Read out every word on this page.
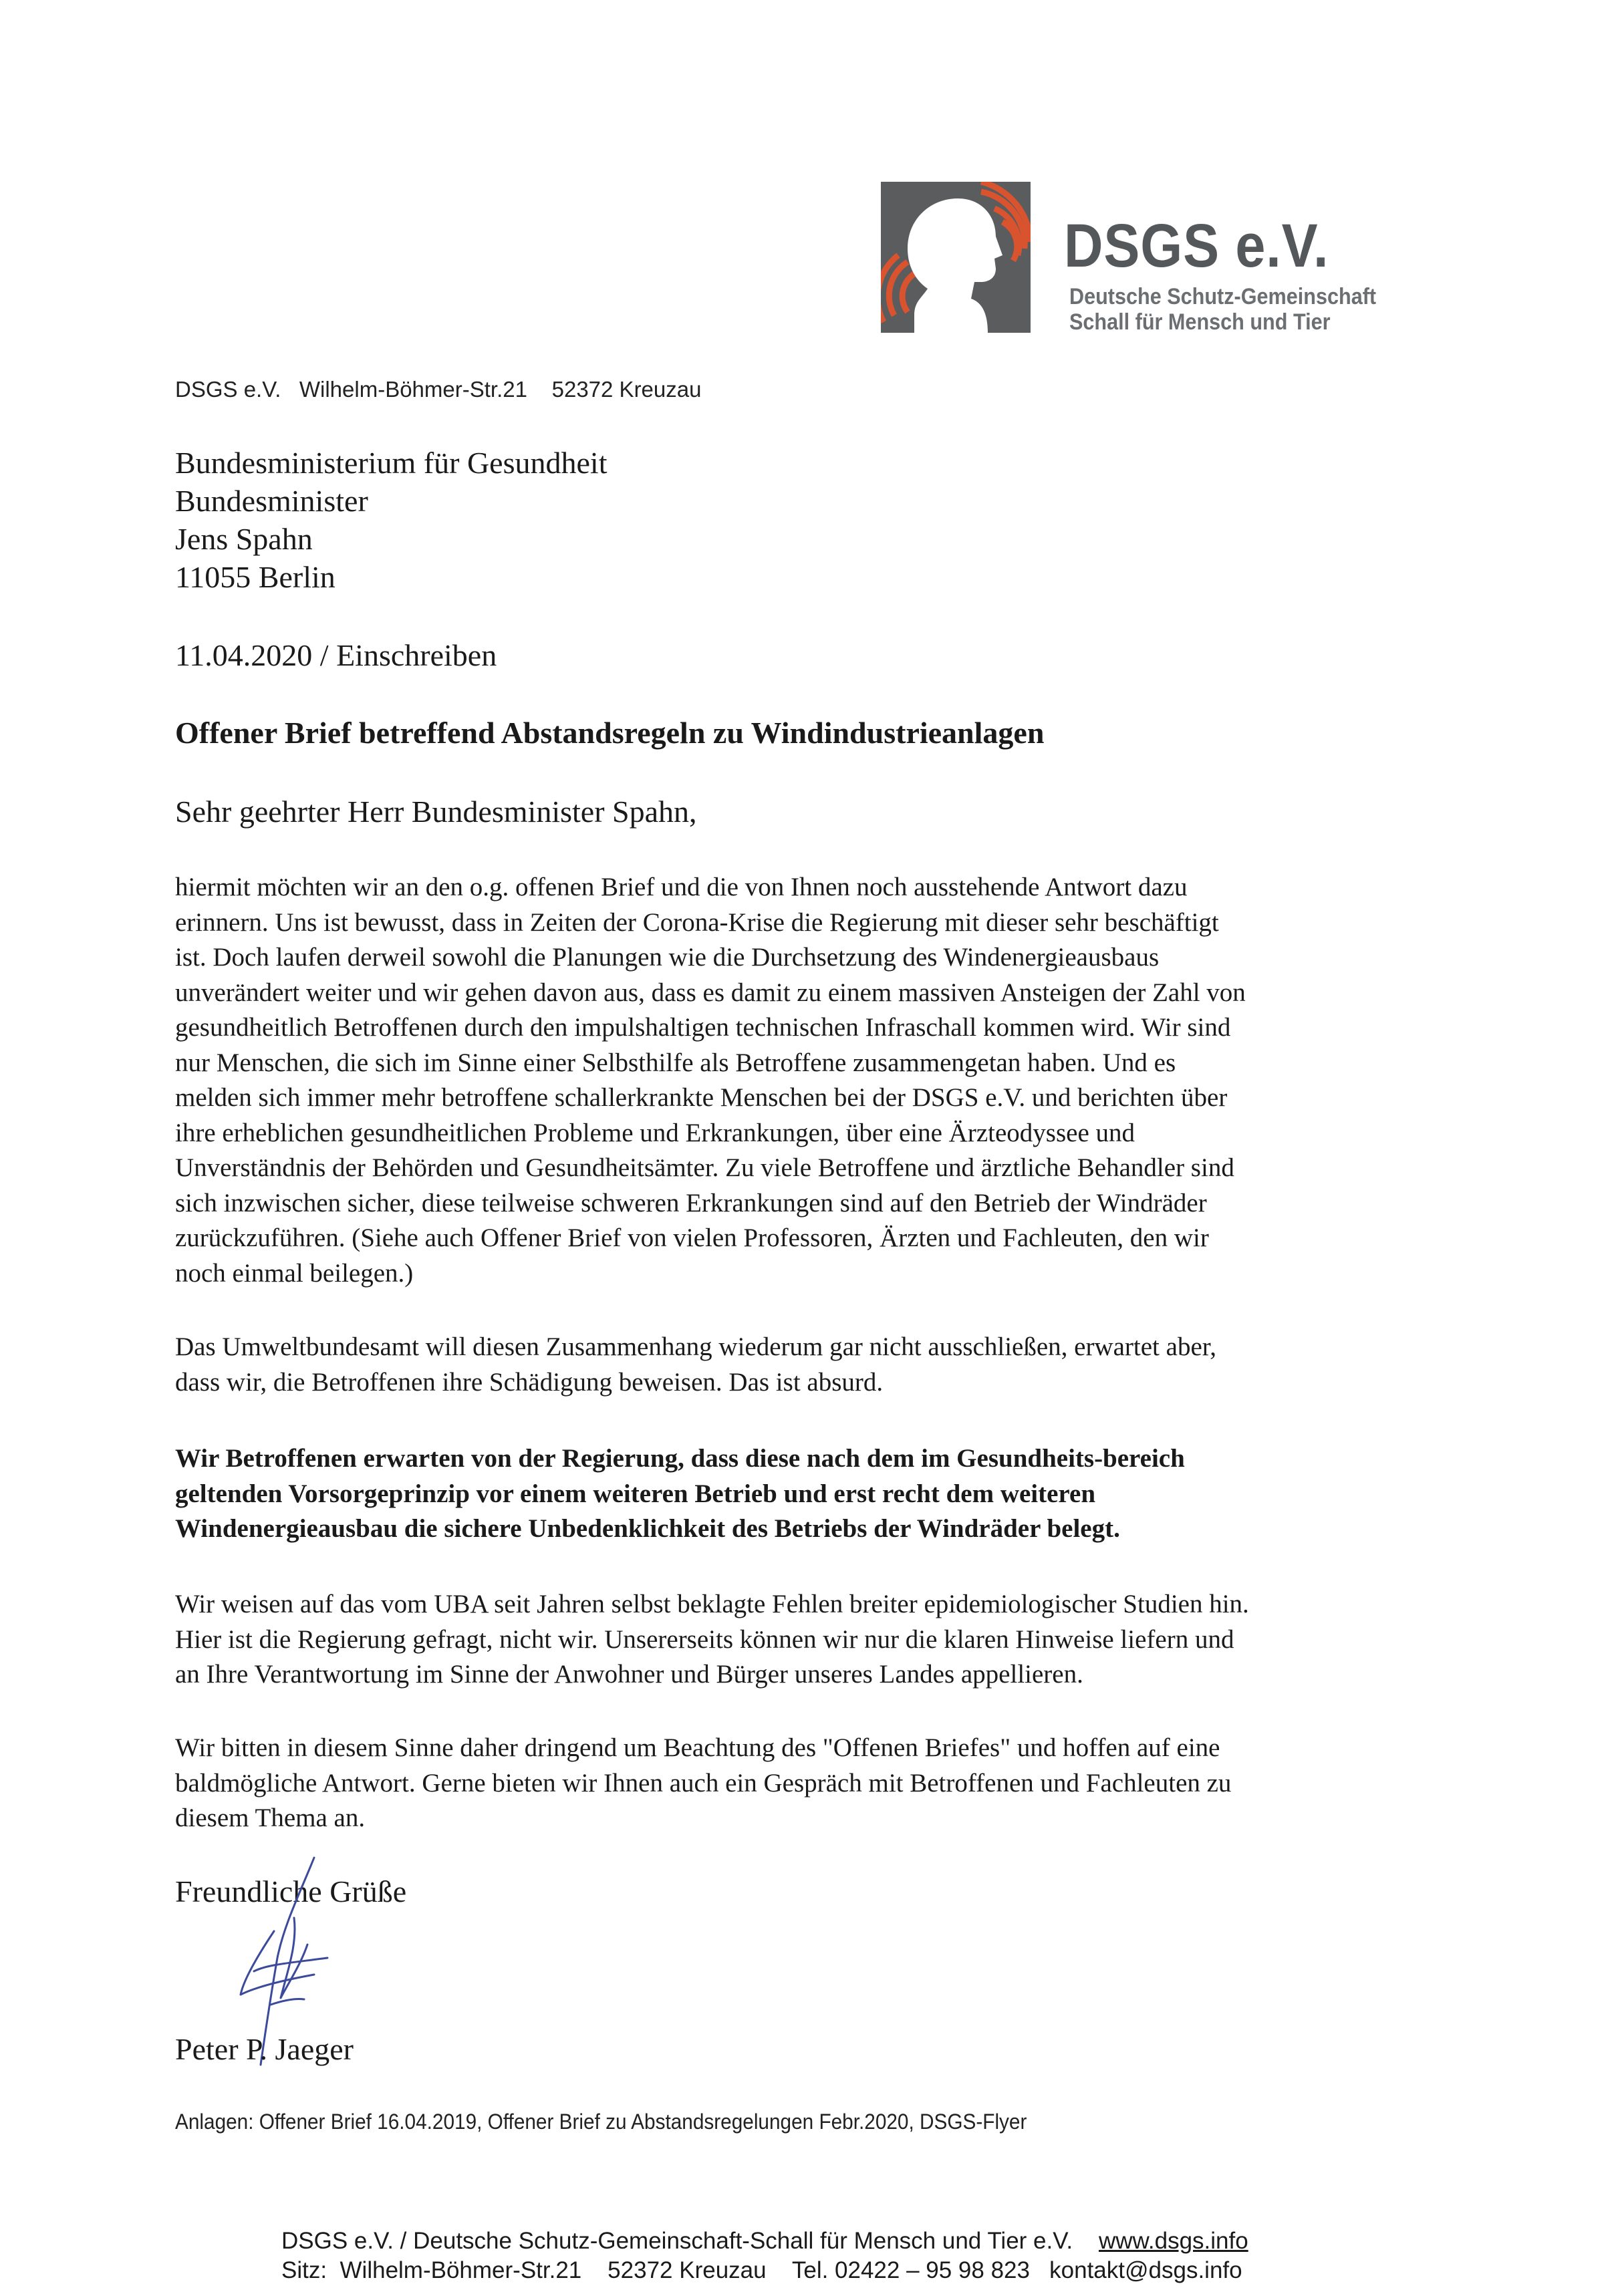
DSGS e.V.
Deutsche Schutz-Gemeinschaft
Schall für Mensch und Tier
DSGS e.V.   Wilhelm-Böhmer-Str.21    52372 Kreuzau
Bundesministerium für Gesundheit
Bundesminister
Jens Spahn
11055 Berlin
11.04.2020 / Einschreiben
Offener Brief betreffend Abstandsregeln zu Windindustrieanlagen
Sehr geehrter Herr Bundesminister Spahn,
hiermit möchten wir an den o.g. offenen Brief und die von Ihnen noch ausstehende Antwort dazu
erinnern. Uns ist bewusst, dass in Zeiten der Corona-Krise die Regierung mit dieser sehr beschäftigt
ist. Doch laufen derweil sowohl die Planungen wie die Durchsetzung des Windenergieausbaus
unverändert weiter und wir gehen davon aus, dass es damit zu einem massiven Ansteigen der Zahl von
gesundheitlich Betroffenen durch den impulshaltigen technischen Infraschall kommen wird. Wir sind
nur Menschen, die sich im Sinne einer Selbsthilfe als Betroffene zusammengetan haben. Und es
melden sich immer mehr betroffene schallerkrankte Menschen bei der DSGS e.V. und berichten über
ihre erheblichen gesundheitlichen Probleme und Erkrankungen, über eine Ärzteodyssee und
Unverständnis der Behörden und Gesundheitsämter. Zu viele Betroffene und ärztliche Behandler sind
sich inzwischen sicher, diese teilweise schweren Erkrankungen sind auf den Betrieb der Windräder
zurückzuführen. (Siehe auch Offener Brief von vielen Professoren, Ärzten und Fachleuten, den wir
noch einmal beilegen.)
Das Umweltbundesamt will diesen Zusammenhang wiederum gar nicht ausschließen, erwartet aber,
dass wir, die Betroffenen ihre Schädigung beweisen. Das ist absurd.
Wir Betroffenen erwarten von der Regierung, dass diese nach dem im Gesundheits-bereich
geltenden Vorsorgeprinzip vor einem weiteren Betrieb und erst recht dem weiteren
Windenergieausbau die sichere Unbedenklichkeit des Betriebs der Windräder belegt.
Wir weisen auf das vom UBA seit Jahren selbst beklagte Fehlen breiter epidemiologischer Studien hin.
Hier ist die Regierung gefragt, nicht wir. Unsererseits können wir nur die klaren Hinweise liefern und
an Ihre Verantwortung im Sinne der Anwohner und Bürger unseres Landes appellieren.
Wir bitten in diesem Sinne daher dringend um Beachtung des "Offenen Briefes" und hoffen auf eine
baldmögliche Antwort. Gerne bieten wir Ihnen auch ein Gespräch mit Betroffenen und Fachleuten zu
diesem Thema an.
Freundliche Grüße
Peter P. Jaeger
Anlagen: Offener Brief 16.04.2019, Offener Brief zu Abstandsregelungen Febr.2020, DSGS-Flyer
DSGS e.V. / Deutsche Schutz-Gemeinschaft-Schall für Mensch und Tier e.V.    www.dsgs.info
Sitz:  Wilhelm-Böhmer-Str.21    52372 Kreuzau    Tel. 02422 – 95 98 823   kontakt@dsgs.info
